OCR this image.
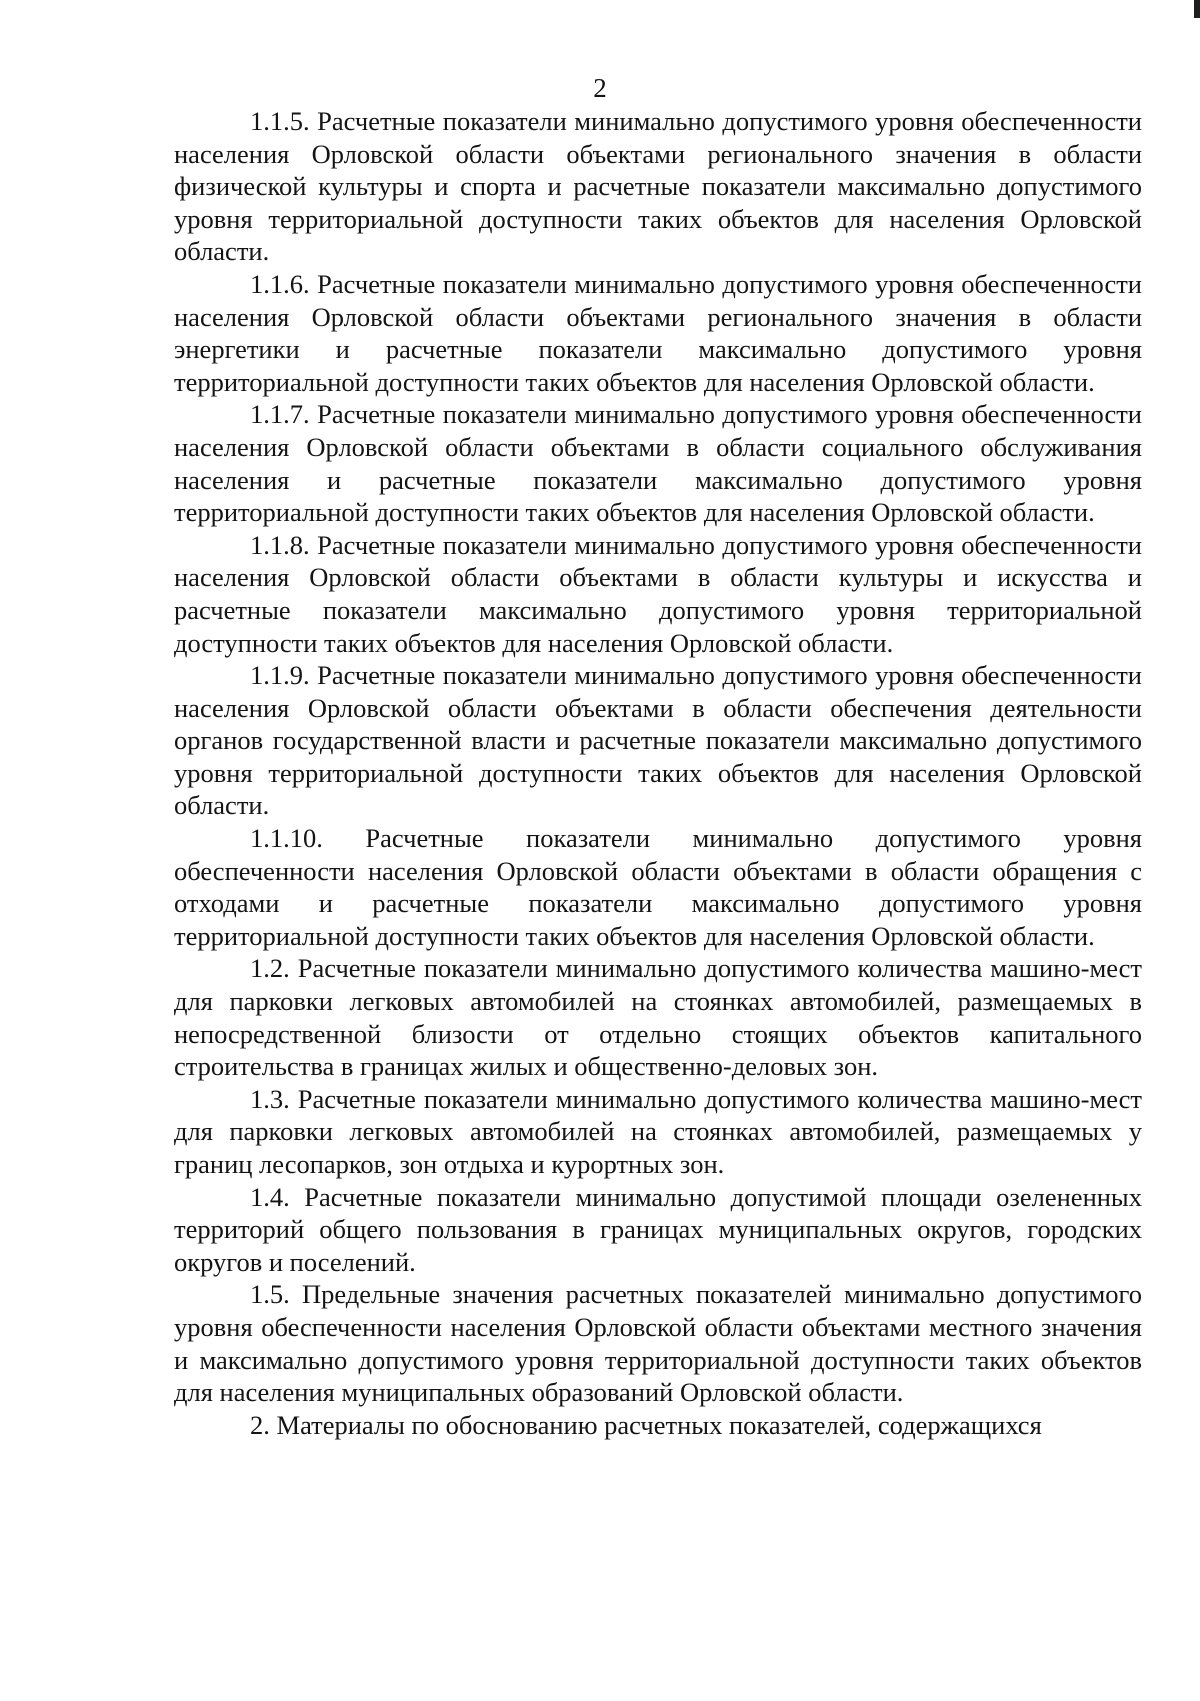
2

1.1.5. Расчетные показатели минимально допустимого уровня обеспеченности населения Орловской области объектами регионального значения в области физической культуры и спорта и расчетные показатели максимально допустимого уровня территориальной доступности таких объектов для населения Орловской области.

1.1.6. Расчетные показатели минимально допустимого уровня обеспеченности населения Орловской области объектами регионального значения в области энергетики и расчетные показатели максимально допустимого уровня территориальной доступности таких объектов для населения Орловской области.

1.1.7. Расчетные показатели минимально допустимого уровня обеспеченности населения Орловской области объектами в области социального обслуживания населения и расчетные показатели максимально допустимого уровня территориальной доступности таких объектов для населения Орловской области.

1.1.8. Расчетные показатели минимально допустимого уровня обеспеченности населения Орловской области объектами в области культуры и искусства и расчетные показатели максимально допустимого уровня территориальной доступности таких объектов для населения Орловской области.

1.1.9. Расчетные показатели минимально допустимого уровня обеспеченности населения Орловской области объектами в области обеспечения деятельности органов государственной власти и расчетные показатели максимально допустимого уровня территориальной доступности таких объектов для населения Орловской области.

1.1.10. Расчетные показатели минимально допустимого уровня обеспеченности населения Орловской области объектами в области обращения с отходами и расчетные показатели максимально допустимого уровня территориальной доступности таких объектов для населения Орловской области.

1.2. Расчетные показатели минимально допустимого количества машино-мест для парковки легковых автомобилей на стоянках автомобилей, размещаемых в непосредственной близости от отдельно стоящих объектов капитального строительства в границах жилых и общественно-деловых зон.

1.3. Расчетные показатели минимально допустимого количества машино-мест для парковки легковых автомобилей на стоянках автомобилей, размещаемых у границ лесопарков, зон отдыха и курортных зон.

1.4. Расчетные показатели минимально допустимой площади озелененных территорий общего пользования в границах муниципальных округов, городских округов и поселений.

1.5. Предельные значения расчетных показателей минимально допустимого уровня обеспеченности населения Орловской области объектами местного значения и максимально допустимого уровня территориальной доступности таких объектов для населения муниципальных образований Орловской области.

2. Материалы по обоснованию расчетных показателей, содержащихся
